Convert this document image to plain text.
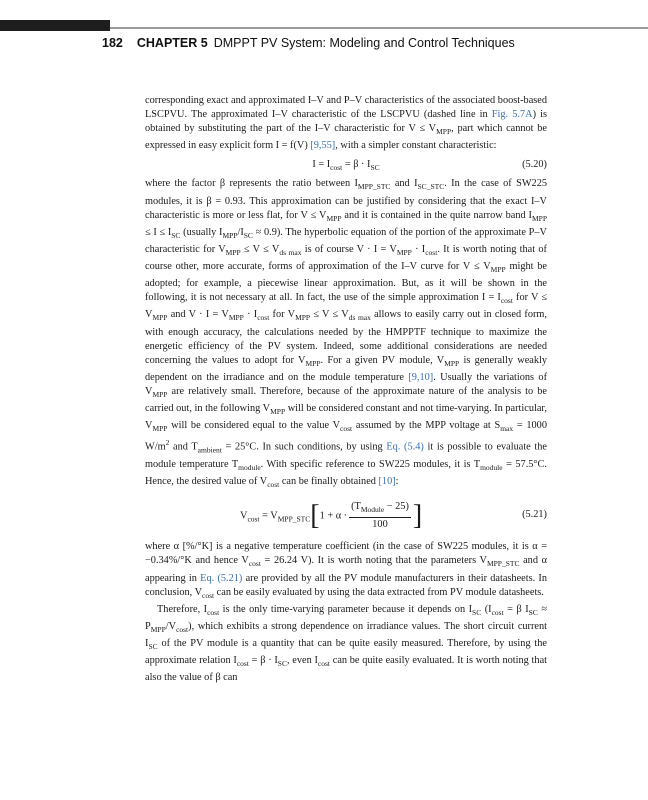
182 CHAPTER 5 DMPPT PV System: Modeling and Control Techniques

corresponding exact and approximated I–V and P–V characteristics of the associated boost-based LSCPVU. The approximated I–V characteristic of the LSCPVU (dashed line in Fig. 5.7A) is obtained by substituting the part of the I–V characteristic for $V \le V_{MPP}$, part which cannot be expressed in easy explicit form I = f(V) [9,55], with a simpler constant characteristic:

$I = I_{cost} = \beta \cdot I_{SC}$	(5.20)

where the factor β represents the ratio between $I_{MPP\_STC}$ and $I_{SC\_STC}$. In the case of SW225 modules, it is β = 0.93. This approximation can be justified by considering that the exact I–V characteristic is more or less flat, for $V \le V_{MPP}$ and it is contained in the quite narrow band $I_{MPP} \le I \le I_{SC}$ (usually $I_{MPP}/I_{SC} \approx 0.9$). The hyperbolic equation of the portion of the approximate P–V characteristic for $V_{MPP} \le V \le V_{ds max}$ is of course $V \cdot I = V_{MPP} \cdot I_{cost}$. It is worth noting that of course other, more accurate, forms of approximation of the I–V curve for $V \le V_{MPP}$ might be adopted; for example, a piecewise linear approximation. But, as it will be shown in the following, it is not necessary at all. In fact, the use of the simple approximation $I = I_{cost}$ for $V \le V_{MPP}$ and $V \cdot I = V_{MPP} \cdot I_{cost}$ for $V_{MPP} \le V \le V_{ds max}$ allows to easily carry out in closed form, with enough accuracy, the calculations needed by the HMPPTF technique to maximize the energetic efficiency of the PV system. Indeed, some additional considerations are needed concerning the values to adopt for $V_{MPP}$. For a given PV module, $V_{MPP}$ is generally weakly dependent on the irradiance and on the module temperature [9,10]. Usually the variations of $V_{MPP}$ are relatively small. Therefore, because of the approximate nature of the analysis to be carried out, in the following $V_{MPP}$ will be considered constant and not time-varying. In particular, $V_{MPP}$ will be considered equal to the value $V_{cost}$ assumed by the MPP voltage at $S_{max} = 1000$ $W/m^2$ and $T_{ambient} = 25^\circ C$. In such conditions, by using Eq. (5.4) it is possible to evaluate the module temperature $T_{module}$. With specific reference to SW225 modules, it is $T_{module} = 57.5^\circ C$. Hence, the desired value of $V_{cost}$ can be finally obtained [10]:

$V_{cost} = V_{MPP\_STC}[1 + \alpha \cdot \frac{(T_{Module} - 25)}{100}$ ]	(5.21)

where α [%/°K] is a negative temperature coefficient (in the case of SW225 modules, it is α = −0.34%/°K and hence $V_{cost} = 26.24$ V). It is worth noting that the parameters $V_{MPP\_STC}$ and α appearing in Eq. (5.21) are provided by all the PV module manufacturers in their datasheets. In conclusion, $V_{cost}$ can be easily evaluated by using the data extracted from PV module datasheets.

Therefore, $I_{cost}$ is the only time-varying parameter because it depends on $I_{SC}$ ($I_{cost} = \beta$ $I_{SC} \approx P_{MPP}/V_{cost}$), which exhibits a strong dependence on irradiance values. The short circuit current $I_{SC}$ of the PV module is a quantity that can be quite easily measured. Therefore, by using the approximate relation $I_{cost} = \beta \cdot I_{SC}$, even $I_{cost}$ can be quite easily evaluated. It is worth noting that also the value of β can
